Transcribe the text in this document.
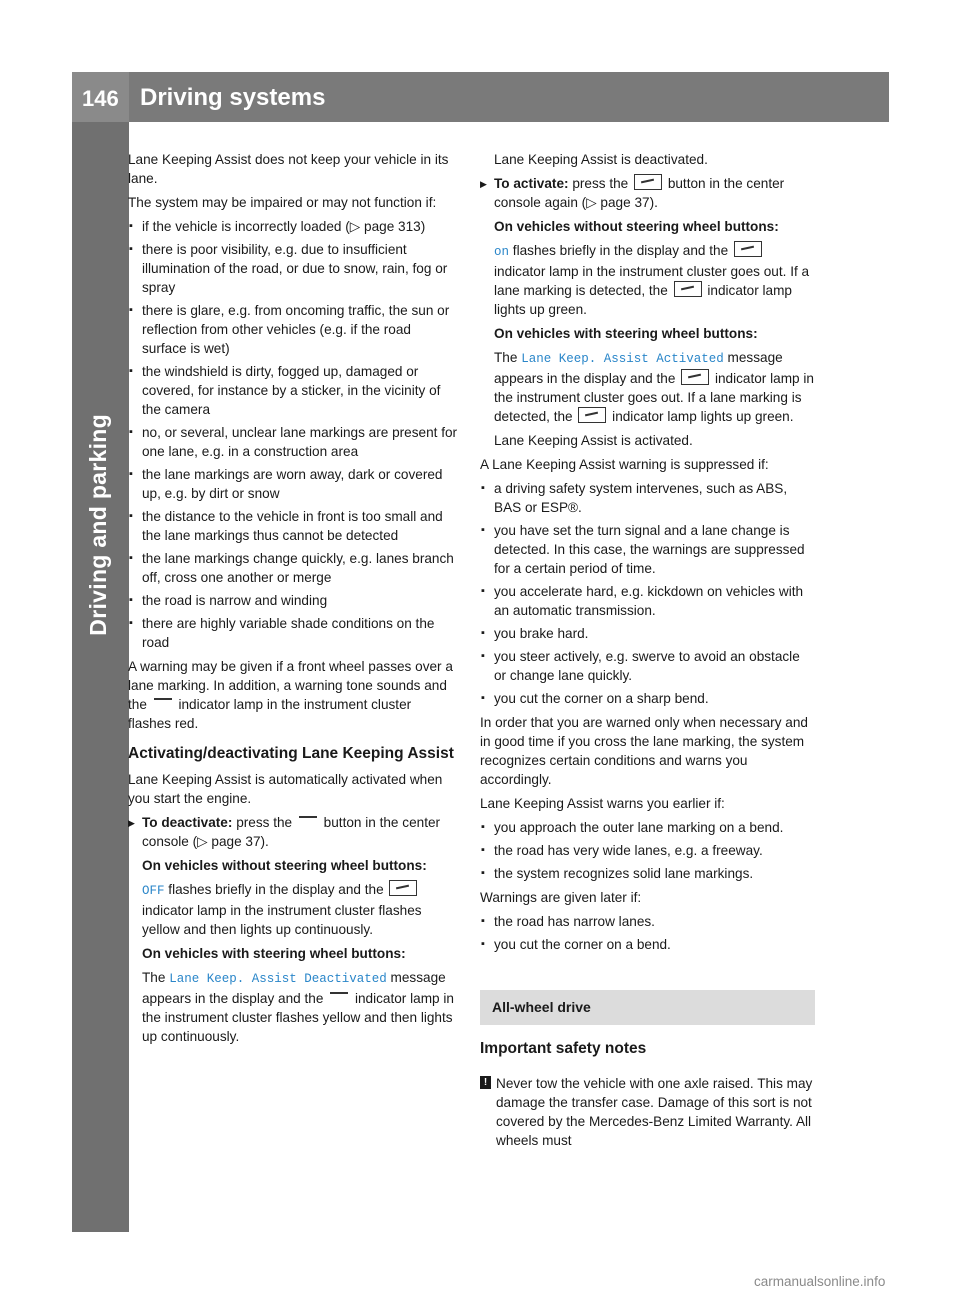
146 Driving systems
Driving and parking

Lane Keeping Assist does not keep your vehicle in its lane.

The system may be impaired or may not function if:

▪ if the vehicle is incorrectly loaded (▷ page 313)
▪ there is poor visibility, e.g. due to insufficient illumination of the road, or due to snow, rain, fog or spray
▪ there is glare, e.g. from oncoming traffic, the sun or reflection from other vehicles (e.g. if the road surface is wet)
▪ the windshield is dirty, fogged up, damaged or covered, for instance by a sticker, in the vicinity of the camera
▪ no, or several, unclear lane markings are present for one lane, e.g. in a construction area
▪ the lane markings are worn away, dark or covered up, e.g. by dirt or snow
▪ the distance to the vehicle in front is too small and the lane markings thus cannot be detected
▪ the lane markings change quickly, e.g. lanes branch off, cross one another or merge
▪ the road is narrow and winding
▪ there are highly variable shade conditions on the road

A warning may be given if a front wheel passes over a lane marking. In addition, a warning tone sounds and the indicator lamp in the instrument cluster flashes red.

Activating/deactivating Lane Keeping Assist

Lane Keeping Assist is automatically activated when you start the engine.

▶ To deactivate: press the button in the center console (▷ page 37).

On vehicles without steering wheel buttons:

OFF flashes briefly in the display and the  indicator lamp in the instrument cluster flashes yellow and then lights up continuously.

On vehicles with steering wheel buttons:

The Lane Keep. Assist Deactivated message appears in the display and the indicator lamp in the instrument cluster flashes yellow and then lights up continuously.

Lane Keeping Assist is deactivated.

▶ To activate: press the	button in the center console again (▷ page 37).

On vehicles without steering wheel buttons:

on flashes briefly in the display and the  indicator lamp in the instrument cluster goes out. If a lane marking is detected, the	indicator lamp lights up green.

On vehicles with steering wheel buttons:

The Lane Keep. Assist Activated message appears in the display and the	indicator lamp in the instrument cluster goes out. If a lane marking is detected, the	indicator lamp lights up green.

Lane Keeping Assist is activated.

A Lane Keeping Assist warning is suppressed if:

▪ a driving safety system intervenes, such as ABS, BAS or ESP®.
▪ you have set the turn signal and a lane change is detected. In this case, the warnings are suppressed for a certain period of time.
▪ you accelerate hard, e.g. kickdown on vehicles with an automatic transmission.
▪ you brake hard.
▪ you steer actively, e.g. swerve to avoid an obstacle or change lane quickly.
▪ you cut the corner on a sharp bend.

In order that you are warned only when necessary and in good time if you cross the lane marking, the system recognizes certain conditions and warns you accordingly.

Lane Keeping Assist warns you earlier if:

▪ you approach the outer lane marking on a bend.
▪ the road has very wide lanes, e.g. a freeway.
▪ the system recognizes solid lane markings.

Warnings are given later if:

▪ the road has narrow lanes.
▪ you cut the corner on a bend.
All-wheel drive
Important safety notes

! Never tow the vehicle with one axle raised. This may damage the transfer case. Damage of this sort is not covered by the Mercedes-Benz Limited Warranty. All wheels must

carmanualsonline.info
